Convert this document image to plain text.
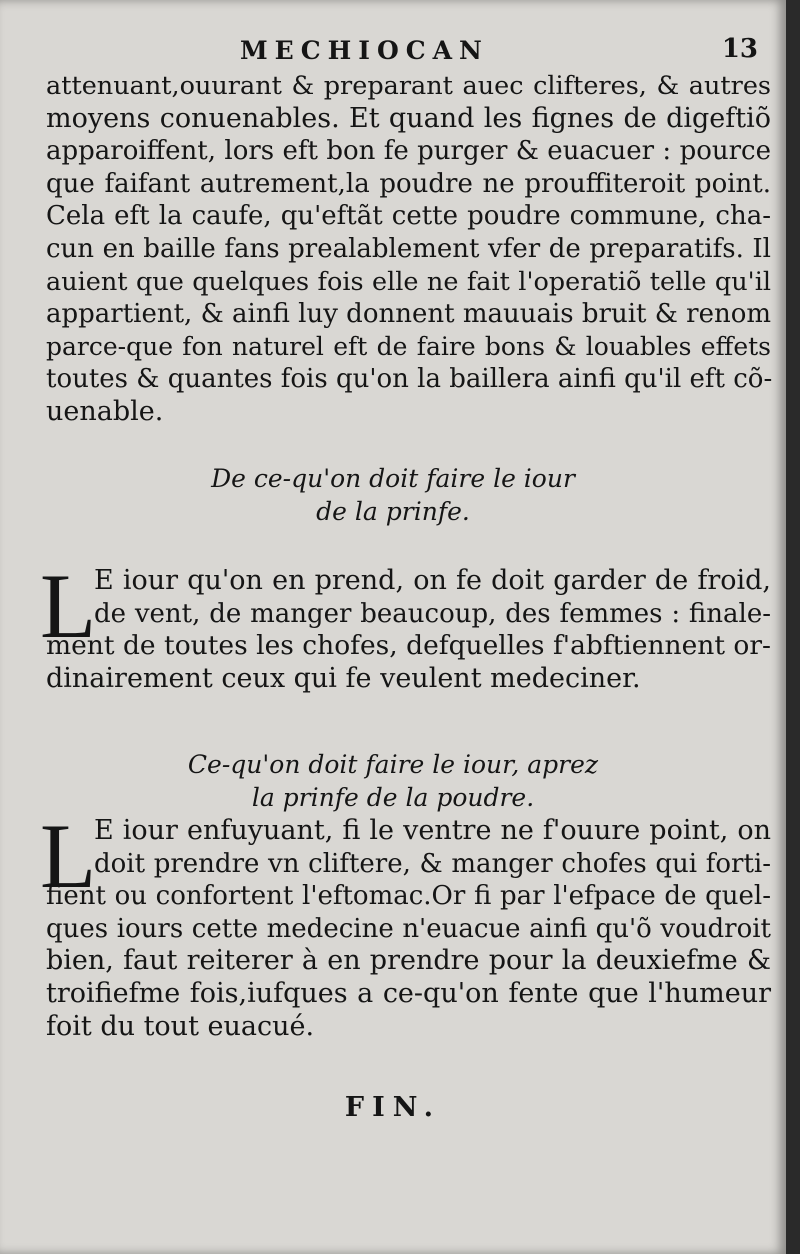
MECHIOCAN	13
attenuant,ouurant & preparant auec clifteres, & autres
moyens conuenables. Et quand les fignes de digeftiõ
apparoiffent, lors eft bon fe purger & euacuer : pource
que faifant autrement,la poudre ne prouffiteroit point.
Cela eft la caufe, qu'eftãt cette poudre commune, cha-
cun en baille fans prealablement vfer de preparatifs. Il
auient que quelques fois elle ne fait l'operatiõ telle qu'il
appartient, & ainfi luy donnent mauuais bruit & renom
parce-que fon naturel eft de faire bons & louables effets
toutes & quantes fois qu'on la baillera ainfi qu'il eft cõ-
uenable.
De ce-qu'on doit faire le iour
de la prinfe.
L
E iour qu'on en prend, on fe doit garder de froid,
de vent, de manger beaucoup, des femmes : finale-
ment de toutes les chofes, defquelles f'abftiennent or-
dinairement ceux qui fe veulent medeciner.
Ce-qu'on doit faire le iour, aprez
la prinfe de la poudre.
L
E iour enfuyuant, fi le ventre ne f'ouure point, on
doit prendre vn cliftere, & manger chofes qui forti-
fient ou confortent l'eftomac.Or fi par l'efpace de quel-
ques iours cette medecine n'euacue ainfi qu'õ voudroit
bien, faut reiterer à en prendre pour la deuxiefme &
troifiefme fois,iufques a ce-qu'on fente que l'humeur
foit du tout euacué.
FIN.
